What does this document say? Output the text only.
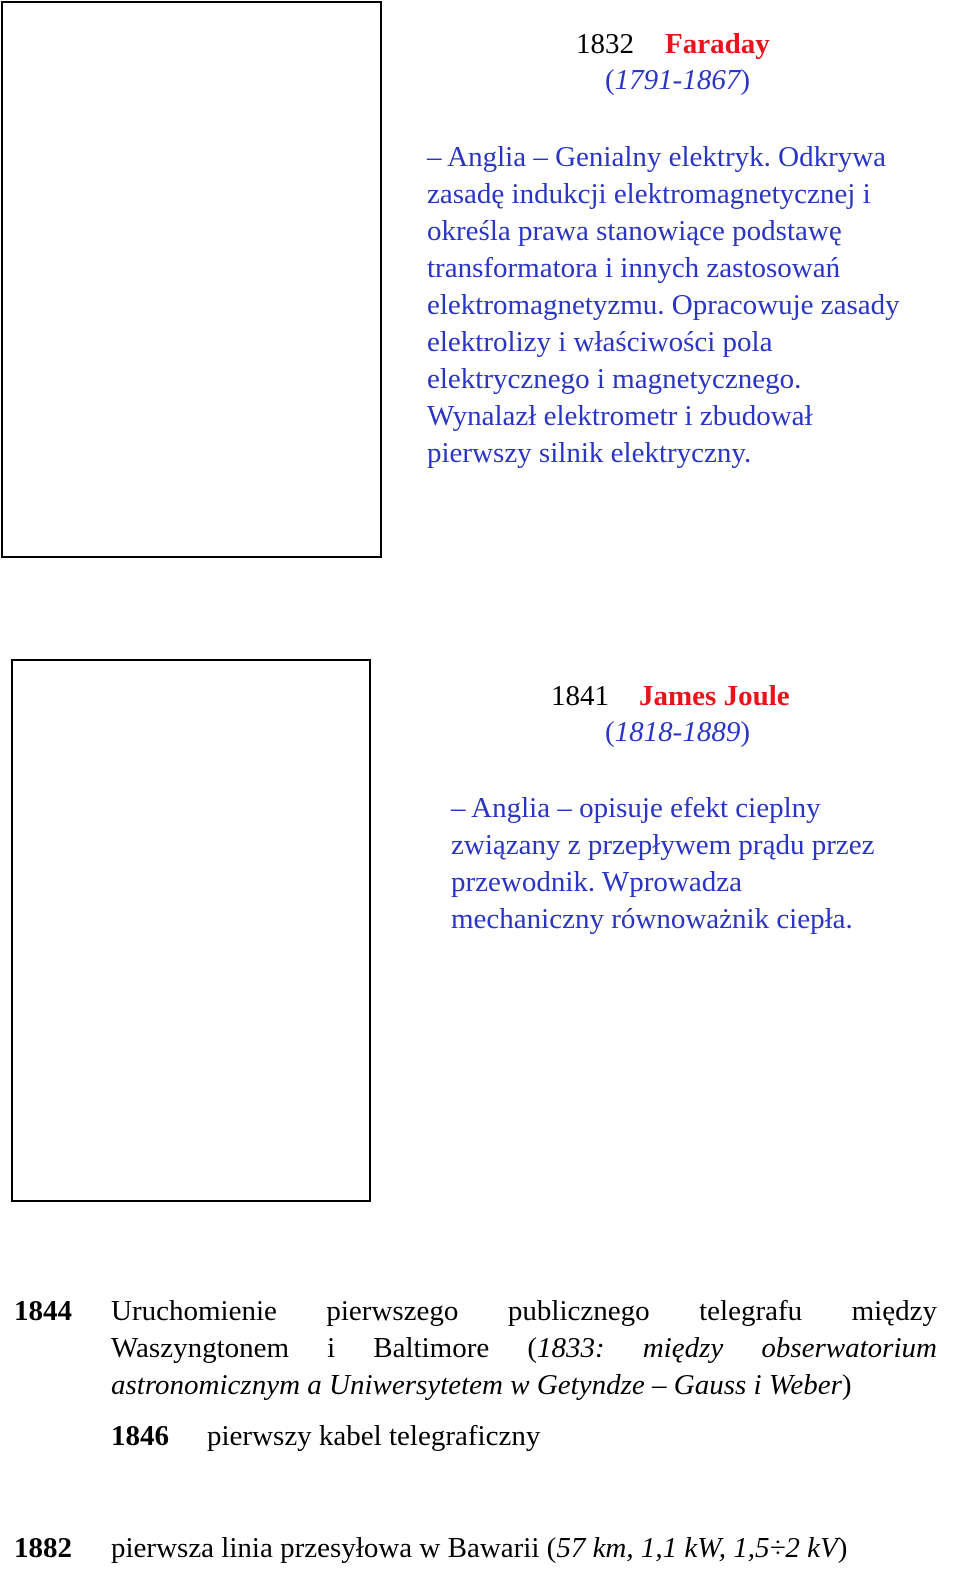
1832 Faraday
(1791-1867)
– Anglia – Genialny elektryk. Odkrywa
zasadę indukcji elektromagnetycznej i
określa prawa stanowiące podstawę
transformatora i innych zastosowań
elektromagnetyzmu. Opracowuje zasady
elektrolizy i właściwości pola
elektrycznego i magnetycznego.
Wynalazł elektrometr i zbudował
pierwszy silnik elektryczny.
1841 James Joule
(1818-1889)
– Anglia – opisuje efekt cieplny
związany z przepływem prądu przez
przewodnik. Wprowadza
mechaniczny równoważnik ciepła.
1844 Uruchomienie pierwszego publicznego telegrafu między
Waszyngtonem i Baltimore (1833: między obserwatorium
astronomicznym a Uniwersytetem w Getyndze – Gauss i Weber)
1846 pierwszy kabel telegraficzny
1882 pierwsza linia przesyłowa w Bawarii (57 km, 1,1 kW, 1,5÷2 kV)
